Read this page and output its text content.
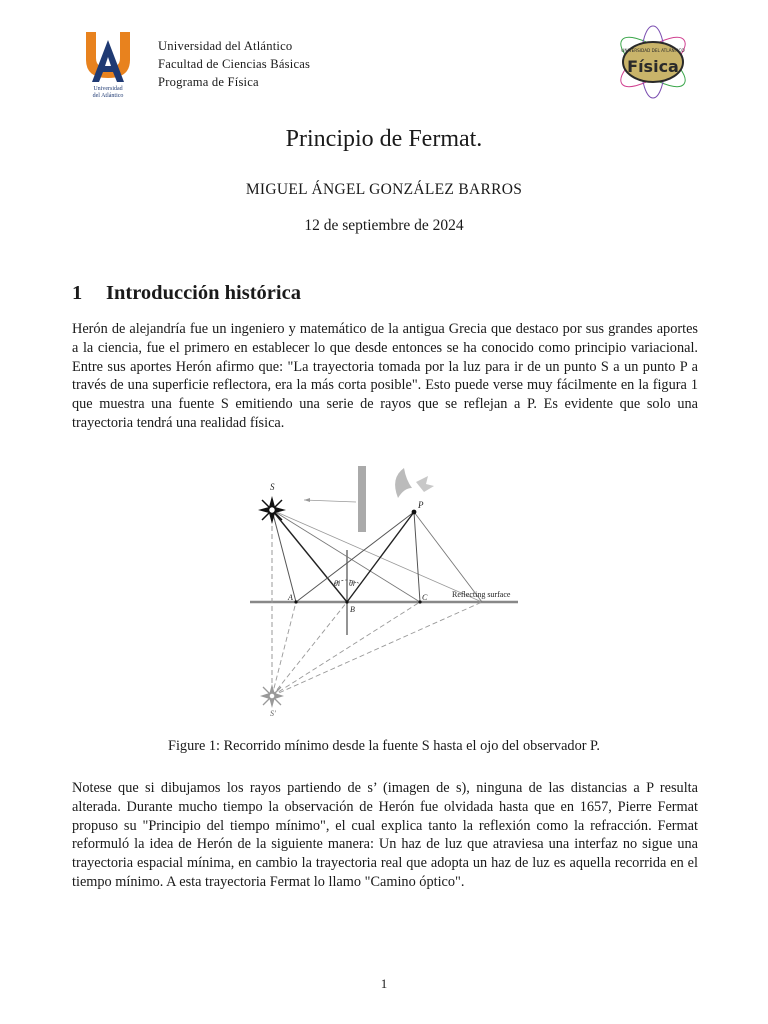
Universidad
del Atlántico
Universidad del Atlántico
Facultad de Ciencias Básicas
Programa de Física
UNIVERSIDAD DEL ATLÁNTICO
Física
Principio de Fermat.
MIGUEL ÁNGEL GONZÁLEZ BARROS
12 de septiembre de 2024
1 Introducción histórica
Herón de alejandría fue un ingeniero y matemático de la antigua Grecia que destaco por sus grandes aportes a la ciencia, fue el primero en establecer lo que desde entonces se ha conocido como principio variacional. Entre sus aportes Herón afirmo que: "La trayectoria tomada por la luz para ir de un punto S a un punto P a través de una superficie reflectora, era la más corta posible". Esto puede verse muy fácilmente en la figura 1 que muestra una fuente S emitiendo una serie de rayos que se reflejan a P. Es evidente que solo una trayectoria tendrá una realidad física.
θi θr
S
P
A
B
C	Reflecting surface
S′
Figure 1: Recorrido mínimo desde la fuente S hasta el ojo del observador P.
Notese que si dibujamos los rayos partiendo de s’ (imagen de s), ninguna de las distancias a P resulta alterada. Durante mucho tiempo la observación de Herón fue olvidada hasta que en 1657, Pierre Fermat propuso su "Principio del tiempo mínimo", el cual explica tanto la reflexión como la refracción. Fermat reformuló la idea de Herón de la siguiente manera: Un haz de luz que atraviesa una interfaz no sigue una trayectoria espacial mínima, en cambio la trayectoria real que adopta un haz de luz es aquella recorrida en el tiempo mínimo. A esta trayectoria Fermat lo llamo "Camino óptico".
1
